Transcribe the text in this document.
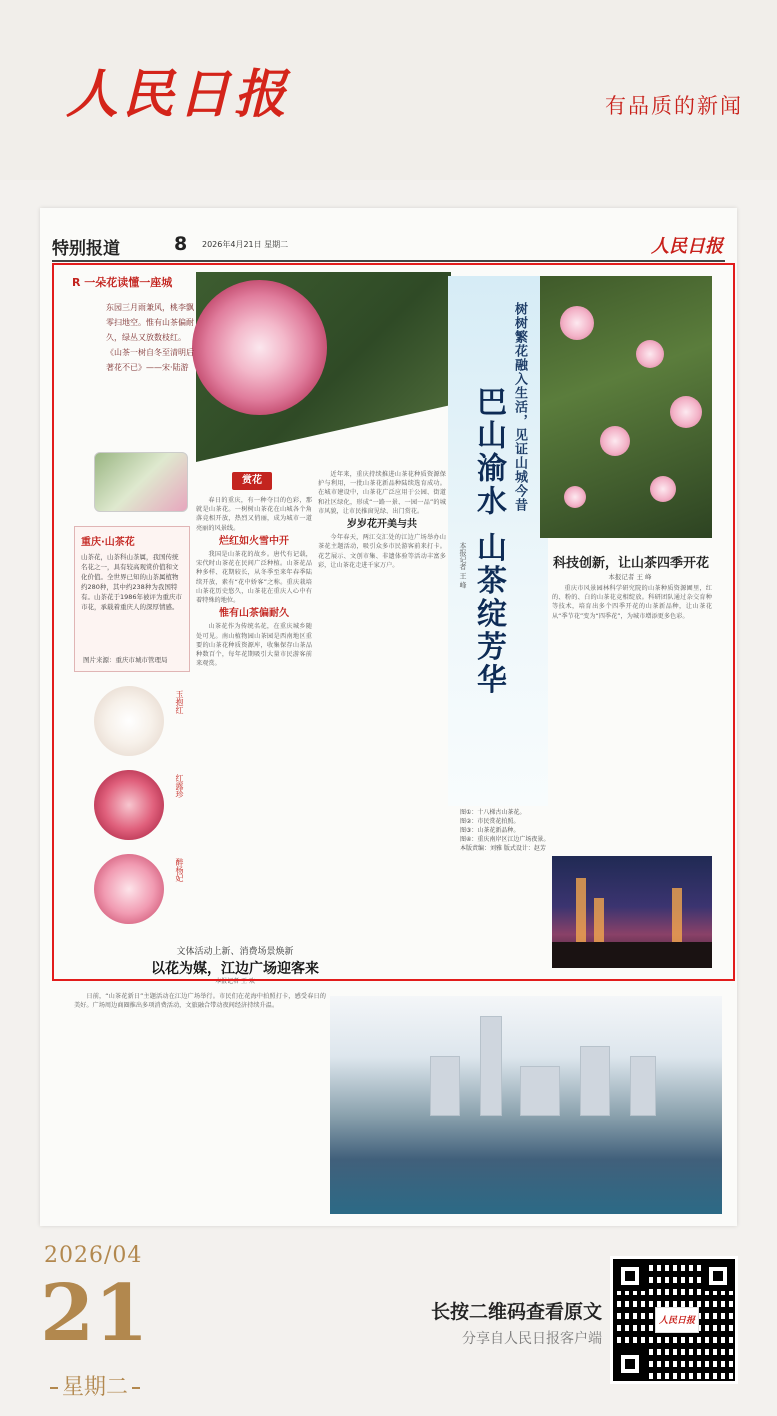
人民日报	有品质的新闻
特别报道	8 2026年4月21日 星期二	人民日报
R 一朵花读懂一座城
东园三月雨兼风，桃李飘零扫地空。惟有山茶偏耐久，绿丛又放数枝红。《山茶一树自冬至清明后著花不已》——宋·陆游
重庆·山茶花
山茶花，山茶科山茶属，我国传统名花之一，具有较高观赏价值和文化价值。全世界已知的山茶属植物约280种，其中约238种为我国特有。山茶花于1986年被评为重庆市市花，承载着重庆人的深厚情感。
图片来源：重庆市城市管理局
玉抱红
红露珍
醉杨妃
赏花

春日的重庆，有一种夺目的色彩，那就是山茶花。一树树山茶花在山城各个角落竞相开放，热烈又俏丽，成为城市一道亮丽的风景线。

烂红如火雪中开

我国是山茶花的故乡。唐代有记载，宋代时山茶花在民间广泛种植。山茶花品种多样、花期较长，从冬季至来年春季陆续开放，素有“花中娇客”之称。重庆栽培山茶花历史悠久，山茶花在重庆人心中有着特殊的地位。

惟有山茶偏耐久

山茶花作为传统名花，在重庆城乡随处可见。南山植物园山茶园是西南地区重要的山茶花种质资源库，收集保存山茶品种数百个，每年花期吸引大量市民游客前来观赏。

近年来，重庆持续推进山茶花种质资源保护与利用，一批山茶花新品种陆续选育成功。在城市建设中，山茶花广泛应用于公园、街道和社区绿化，形成“一路一景、一园一品”的城市风貌，让市民推窗见绿、出门赏花。

岁岁花开美与共

今年春天，两江交汇处的江边广场举办山茶花主题活动，吸引众多市民游客前来打卡。花艺展示、文创市集、非遗体验等活动丰富多彩，让山茶花走进千家万户。

树树繁花融入生活，见证山城今昔
巴山渝水 山茶绽芳华
本报记者 王 峰	科技创新，让山茶四季开花
本报记者 王 峰

重庆市风景园林科学研究院的山茶种质资源圃里，红的、粉的、白的山茶花竞相绽放。科研团队通过杂交育种等技术，培育出多个四季开花的山茶新品种，让山茶花从“季节花”变为“四季花”，为城市增添更多色彩。

图①：十八梯古山茶花。
图②：市民赏花拍照。
图③：山茶花新品种。
图④：重庆南岸区江边广场夜景。
本版责编：刘雅 版式设计：赵芳
文体活动上新、消费场景焕新
以花为媒，江边广场迎客来
本报记者 王 欢

日前，“山茶花新日”主题活动在江边广场举行。市民们在花海中拍照打卡，感受春日的美好。广场周边商圈推出多项消费活动，文旅融合带动夜间经济持续升温。

2026/04
21
星期二
长按二维码查看原文
分享自人民日报客户端
人民日报
